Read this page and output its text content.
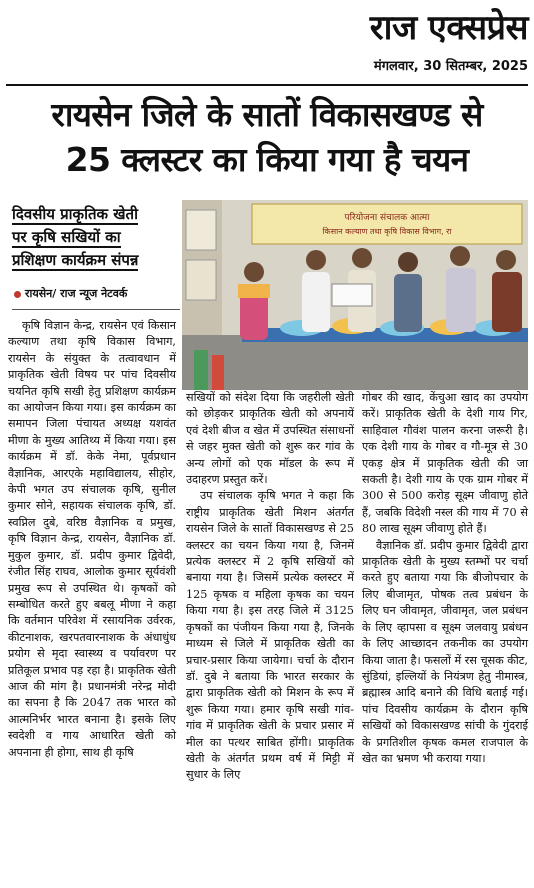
राज एक्सप्रेस
मंगलवार, 30 सितम्बर, 2025
रायसेन जिले के सातों विकासखण्ड से
25 क्लस्टर का किया गया है चयन
दिवसीय प्राकृतिक खेती
पर कृषि सखियों का
प्रशिक्षण कार्यक्रम संपन्न
रायसेन/ राज न्यूज नेटवर्क
परियोजना संचालक आत्मा
किसान कल्याण तथा कृषि विकास विभाग, रा

कृषि विज्ञान केन्द्र, रायसेन एवं किसान कल्याण तथा कृषि विकास विभाग, रायसेन के संयुक्त के तत्वावधान में प्राकृतिक खेती विषय पर पांच दिवसीय चयनित कृषि सखी हेतु प्रशिक्षण कार्यक्रम का आयोजन किया गया। इस कार्यक्रम का समापन जिला पंचायत अध्यक्ष यशवंत मीणा के मुख्य आतिथ्य में किया गया। इस कार्यक्रम में डॉ. केके नेमा, पूर्वप्रधान वैज्ञानिक, आरएके महाविद्यालय, सीहोर, केपी भगत उप संचालक कृषि, सुनील कुमार सोने, सहायक संचालक कृषि, डॉ. स्वप्निल दुबे, वरिष्ठ वैज्ञानिक व प्रमुख, कृषि विज्ञान केन्द्र, रायसेन, वैज्ञानिक डॉ. मुकुल कुमार, डॉ. प्रदीप कुमार द्विवेदी, रंजीत सिंह राघव, आलोक कुमार सूर्यवंशी प्रमुख रूप से उपस्थित थे। कृषकों को सम्बोधित करते हुए बबलू मीणा ने कहा कि वर्तमान परिवेश में रसायनिक उर्वरक, कीटनाशक, खरपतवारनाशक के अंधाधुंध प्रयोग से मृदा स्वास्थ्य व पर्यावरण पर प्रतिकूल प्रभाव पड़ रहा है। प्राकृतिक खेती आज की मांग है। प्रधानमंत्री नरेन्द्र मोदी का सपना है कि 2047 तक भारत को आत्मनिर्भर भारत बनाना है। इसके लिए स्वदेशी व गाय आधारित खेती को अपनाना ही होगा, साथ ही कृषि

सखियों को संदेश दिया कि जहरीली खेती को छोड़कर प्राकृतिक खेती को अपनायें एवं देशी बीज व खेत में उपस्थित संसाधनों से जहर मुक्त खेती को शुरू कर गांव के अन्य लोगों को एक मॉडल के रूप में उदाहरण प्रस्तुत करें।

उप संचालक कृषि भगत ने कहा कि राष्ट्रीय प्राकृतिक खेती मिशन अंतर्गत रायसेन जिले के सातों विकासखण्ड से 25 क्लस्टर का चयन किया गया है, जिनमें प्रत्येक क्लस्टर में 2 कृषि सखियों को बनाया गया है। जिसमें प्रत्येक क्लस्टर में 125 कृषक व महिला कृषक का चयन किया गया है। इस तरह जिले में 3125 कृषकों का पंजीयन किया गया है, जिनके माध्यम से जिले में प्राकृतिक खेती का प्रचार-प्रसार किया जायेगा। चर्चा के दौरान डॉ. दुबे ने बताया कि भारत सरकार के द्वारा प्राकृतिक खेती को मिशन के रूप में शुरू किया गया। हमार कृषि सखी गांव-गांव में प्राकृतिक खेती के प्रचार प्रसार में मील का पत्थर साबित होंगी। प्राकृतिक खेती के अंतर्गत प्रथम वर्ष में मिट्टी में सुधार के लिए

गोबर की खाद, केंचुआ खाद का उपयोग करें। प्राकृतिक खेती के देशी गाय गिर, साहिवाल गौवंश पालन करना जरूरी है। एक देशी गाय के गोबर व गौ-मूत्र से 30 एकड़ क्षेत्र में प्राकृतिक खेती की जा सकती है। देशी गाय के एक ग्राम गोबर में 300 से 500 करोड़ सूक्ष्म जीवाणु होते हैं, जबकि विदेशी नस्ल की गाय में 70 से 80 लाख सूक्ष्म जीवाणु होते हैं।

वैज्ञानिक डॉ. प्रदीप कुमार द्विवेदी द्वारा प्राकृतिक खेती के मुख्य स्तम्भों पर चर्चा करते हुए बताया गया कि बीजोपचार के लिए बीजामृत, पोषक तत्व प्रबंधन के लिए घन जीवामृत, जीवामृत, जल प्रबंधन के लिए व्हापसा व सूक्ष्म जलवायु प्रबंधन के लिए आच्छादन तकनीक का उपयोग किया जाता है। फसलों में रस चूसक कीट, सुंडियां, इल्लियों के नियंत्रण हेतु नीमास्त्र, ब्रह्मास्त्र आदि बनाने की विधि बताई गई। पांच दिवसीय कार्यक्रम के दौरान कृषि सखियों को विकासखण्ड सांची के गुंदराई के प्रगतिशील कृषक कमल राजपाल के खेत का भ्रमण भी कराया गया।
